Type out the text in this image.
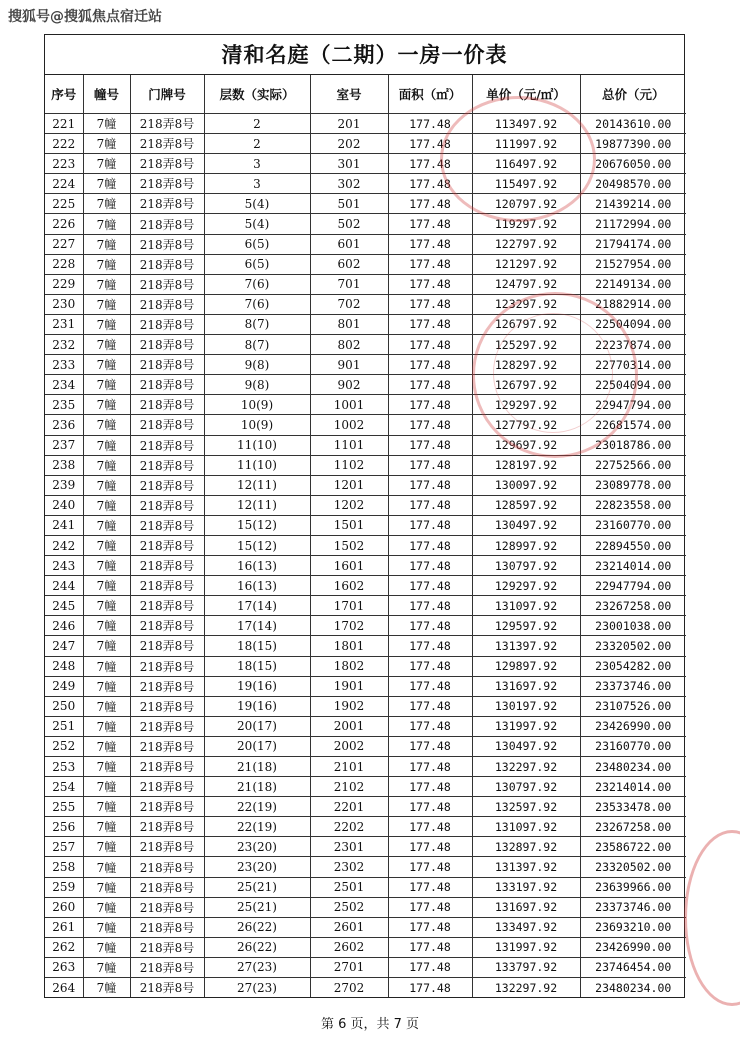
搜狐号@搜狐焦点宿迁站
清和名庭（二期）一房一价表
序号	幢号	门牌号	层数（实际）	室号	面积（㎡）	单价（元/㎡）	总价（元）
221	7幢	218弄8号	2	201	177.48	113497.92	20143610.00
222	7幢	218弄8号	2	202	177.48	111997.92	19877390.00
223	7幢	218弄8号	3	301	177.48	116497.92	20676050.00
224	7幢	218弄8号	3	302	177.48	115497.92	20498570.00
225	7幢	218弄8号	5(4)	501	177.48	120797.92	21439214.00
226	7幢	218弄8号	5(4)	502	177.48	119297.92	21172994.00
227	7幢	218弄8号	6(5)	601	177.48	122797.92	21794174.00
228	7幢	218弄8号	6(5)	602	177.48	121297.92	21527954.00
229	7幢	218弄8号	7(6)	701	177.48	124797.92	22149134.00
230	7幢	218弄8号	7(6)	702	177.48	123297.92	21882914.00
231	7幢	218弄8号	8(7)	801	177.48	126797.92	22504094.00
232	7幢	218弄8号	8(7)	802	177.48	125297.92	22237874.00
233	7幢	218弄8号	9(8)	901	177.48	128297.92	22770314.00
234	7幢	218弄8号	9(8)	902	177.48	126797.92	22504094.00
235	7幢	218弄8号	10(9)	1001	177.48	129297.92	22947794.00
236	7幢	218弄8号	10(9)	1002	177.48	127797.92	22681574.00
237	7幢	218弄8号	11(10)	1101	177.48	129697.92	23018786.00
238	7幢	218弄8号	11(10)	1102	177.48	128197.92	22752566.00
239	7幢	218弄8号	12(11)	1201	177.48	130097.92	23089778.00
240	7幢	218弄8号	12(11)	1202	177.48	128597.92	22823558.00
241	7幢	218弄8号	15(12)	1501	177.48	130497.92	23160770.00
242	7幢	218弄8号	15(12)	1502	177.48	128997.92	22894550.00
243	7幢	218弄8号	16(13)	1601	177.48	130797.92	23214014.00
244	7幢	218弄8号	16(13)	1602	177.48	129297.92	22947794.00
245	7幢	218弄8号	17(14)	1701	177.48	131097.92	23267258.00
246	7幢	218弄8号	17(14)	1702	177.48	129597.92	23001038.00
247	7幢	218弄8号	18(15)	1801	177.48	131397.92	23320502.00
248	7幢	218弄8号	18(15)	1802	177.48	129897.92	23054282.00
249	7幢	218弄8号	19(16)	1901	177.48	131697.92	23373746.00
250	7幢	218弄8号	19(16)	1902	177.48	130197.92	23107526.00
251	7幢	218弄8号	20(17)	2001	177.48	131997.92	23426990.00
252	7幢	218弄8号	20(17)	2002	177.48	130497.92	23160770.00
253	7幢	218弄8号	21(18)	2101	177.48	132297.92	23480234.00
254	7幢	218弄8号	21(18)	2102	177.48	130797.92	23214014.00
255	7幢	218弄8号	22(19)	2201	177.48	132597.92	23533478.00
256	7幢	218弄8号	22(19)	2202	177.48	131097.92	23267258.00
257	7幢	218弄8号	23(20)	2301	177.48	132897.92	23586722.00
258	7幢	218弄8号	23(20)	2302	177.48	131397.92	23320502.00
259	7幢	218弄8号	25(21)	2501	177.48	133197.92	23639966.00
260	7幢	218弄8号	25(21)	2502	177.48	131697.92	23373746.00
261	7幢	218弄8号	26(22)	2601	177.48	133497.92	23693210.00
262	7幢	218弄8号	26(22)	2602	177.48	131997.92	23426990.00
263	7幢	218弄8号	27(23)	2701	177.48	133797.92	23746454.00
264	7幢	218弄8号	27(23)	2702	177.48	132297.92	23480234.00
第 6 页，共 7 页
